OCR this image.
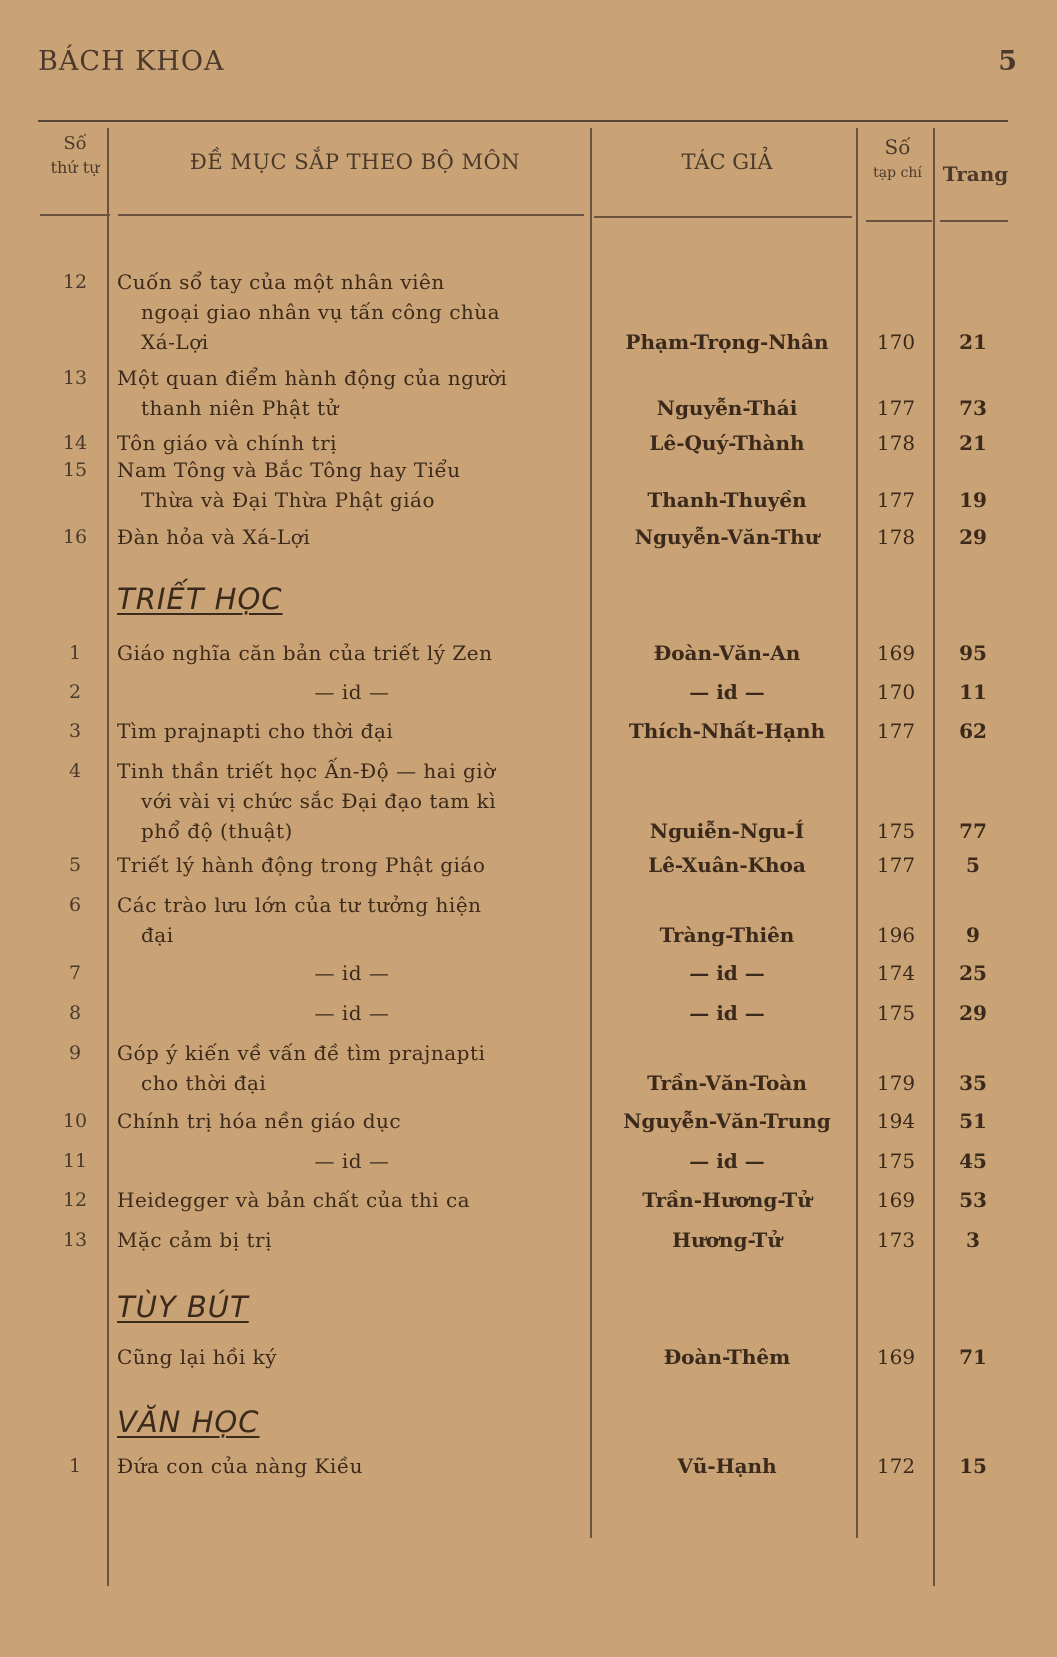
BÁCH KHOA	5
Số
thứ tự	ĐỀ MỤC SẮP THEO BỘ MÔN	TÁC GIẢ
Số
tạp chí	Trang
12	Cuốn sổ tay của một nhân viên
ngoại giao nhân vụ tấn công chùa
Xá-Lợi	Phạm-Trọng-Nhân	170	21
13	Một quan điểm hành động của người
thanh niên Phật tử	Nguyễn-Thái	177	73
14	Tôn giáo và chính trị	Lê-Quý-Thành	178	21
15	Nam Tông và Bắc Tông hay Tiểu
Thừa và Đại Thừa Phật giáo	Thanh-Thuyền	177	19
16	Đàn hỏa và Xá-Lợi	Nguyễn-Văn-Thư	178	29
TRIẾT HỌC
1	Giáo nghĩa căn bản của triết lý Zen	Đoàn-Văn-An	169	95
2	— id —	— id —	170	11
3	Tìm prajnapti cho thời đại	Thích-Nhất-Hạnh	177	62
4	Tinh thần triết học Ấn-Độ — hai giờ
với vài vị chức sắc Đại đạo tam kì
phổ độ (thuật)	Nguiễn-Ngu-Í	175	77
5	Triết lý hành động trong Phật giáo	Lê-Xuân-Khoa	177	5
6	Các trào lưu lớn của tư tưởng hiện
đại	Tràng-Thiên	196	9
7	— id —	— id —	174	25
8	— id —	— id —	175	29
9	Góp ý kiến về vấn đề tìm prajnapti
cho thời đại	Trần-Văn-Toàn	179	35
10	Chính trị hóa nền giáo dục	Nguyễn-Văn-Trung	194	51
11	— id —	— id —	175	45
12	Heidegger và bản chất của thi ca	Trần-Hương-Tử	169	53
13	Mặc cảm bị trị	Hương-Tử	173	3
TÙY BÚT
Cũng lại hồi ký	Đoàn-Thêm	169	71
VĂN HỌC
1	Đứa con của nàng Kiều	Vũ-Hạnh	172	15
